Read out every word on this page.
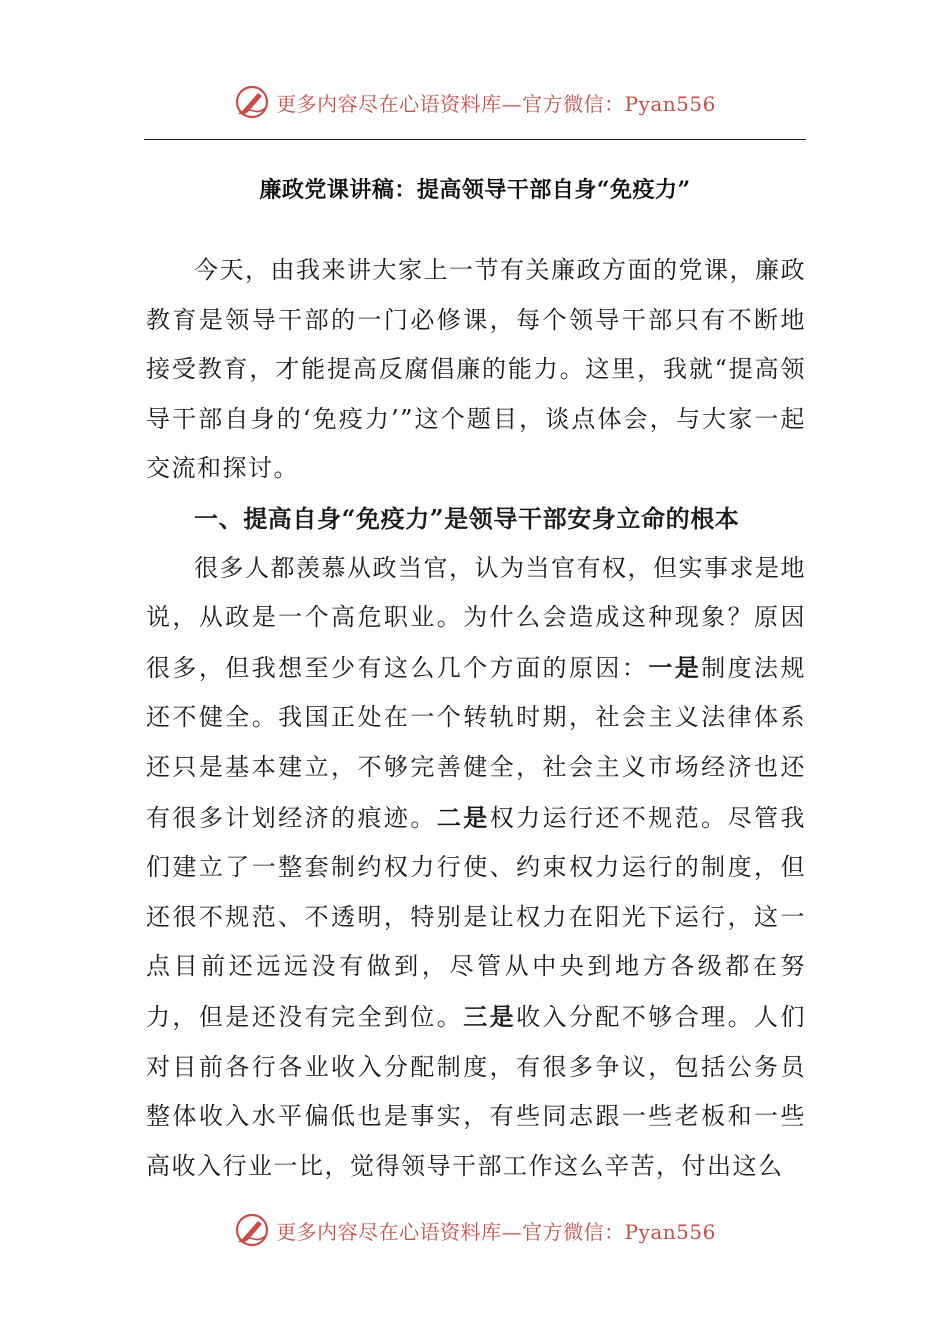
更多内容尽在心语资料库—官方微信：Pyan556
廉政党课讲稿：提高领导干部自身“免疫力”

今天，由我来讲大家上一节有关廉政方面的党课，廉政教育是领导干部的一门必修课，每个领导干部只有不断地接受教育，才能提高反腐倡廉的能力。这里，我就“提高领导干部自身的‘免疫力’”这个题目，谈点体会，与大家一起交流和探讨。

一、提高自身“免疫力”是领导干部安身立命的根本

很多人都羡慕从政当官，认为当官有权，但实事求是地说，从政是一个高危职业。为什么会造成这种现象？原因很多，但我想至少有这么几个方面的原因：一是制度法规还不健全。我国正处在一个转轨时期，社会主义法律体系还只是基本建立，不够完善健全，社会主义市场经济也还有很多计划经济的痕迹。二是权力运行还不规范。尽管我们建立了一整套制约权力行使、约束权力运行的制度，但还很不规范、不透明，特别是让权力在阳光下运行，这一点目前还远远没有做到，尽管从中央到地方各级都在努力，但是还没有完全到位。三是收入分配不够合理。人们对目前各行各业收入分配制度，有很多争议，包括公务员整体收入水平偏低也是事实，有些同志跟一些老板和一些高收入行业一比，觉得领导干部工作这么辛苦，付出这么

更多内容尽在心语资料库—官方微信：Pyan556
